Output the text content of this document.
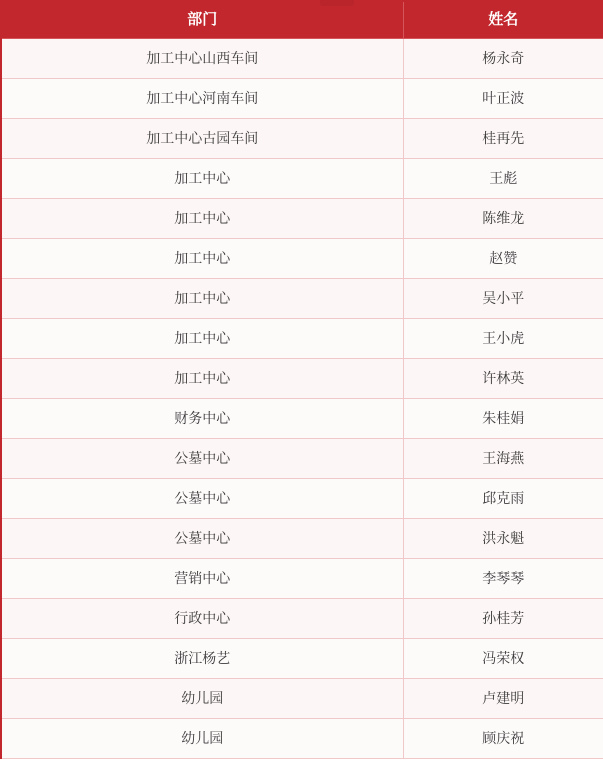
部门	姓名
加工中心山西车间	杨永奇
加工中心河南车间	叶正波
加工中心古园车间	桂再先
加工中心	王彪
加工中心	陈维龙
加工中心	赵赞
加工中心	吴小平
加工中心	王小虎
加工中心	许林英
财务中心	朱桂娟
公墓中心	王海燕
公墓中心	邱克雨
公墓中心	洪永魁
营销中心	李琴琴
行政中心	孙桂芳
浙江杨艺	冯荣权
幼儿园	卢建明
幼儿园	顾庆祝
